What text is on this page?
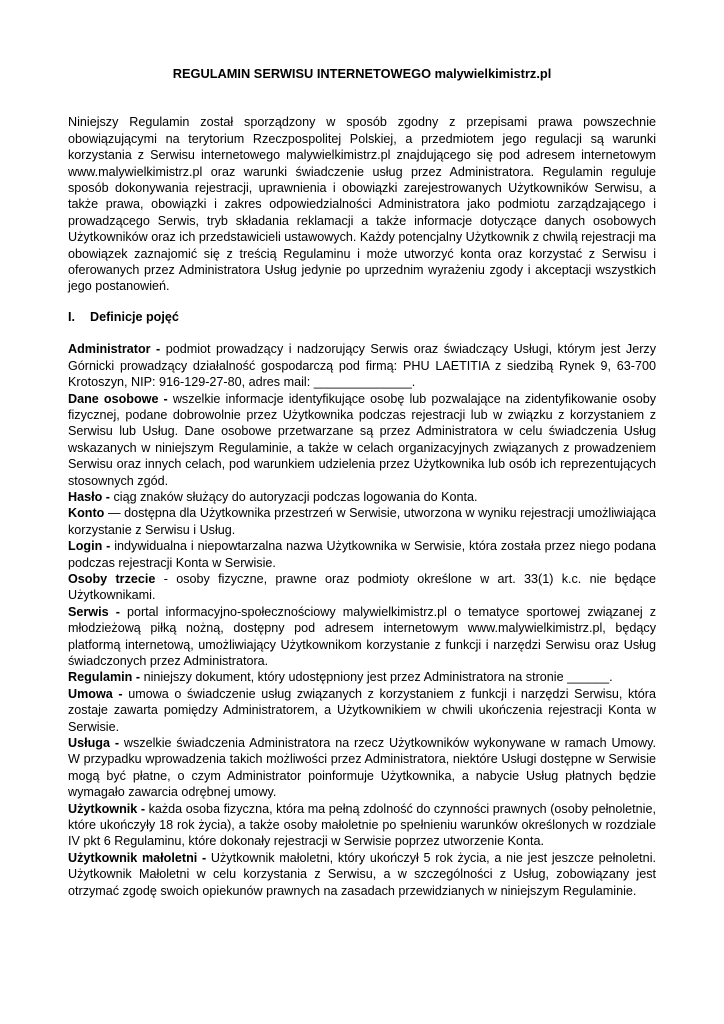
REGULAMIN SERWISU INTERNETOWEGO malywielkimistrz.pl

Niniejszy Regulamin został sporządzony w sposób zgodny z przepisami prawa powszechnie obowiązującymi na terytorium Rzeczpospolitej Polskiej, a przedmiotem jego regulacji są warunki korzystania z Serwisu internetowego malywielkimistrz.pl znajdującego się pod adresem internetowym www.malywielkimistrz.pl oraz warunki świadczenie usług przez Administratora. Regulamin reguluje sposób dokonywania rejestracji, uprawnienia i obowiązki zarejestrowanych Użytkowników Serwisu, a także prawa, obowiązki i zakres odpowiedzialności Administratora jako podmiotu zarządzającego i prowadzącego Serwis, tryb składania reklamacji a także informacje dotyczące danych osobowych Użytkowników oraz ich przedstawicieli ustawowych. Każdy potencjalny Użytkownik z chwilą rejestracji ma obowiązek zaznajomić się z treścią Regulaminu i może utworzyć konta oraz korzystać z Serwisu i oferowanych przez Administratora Usług jedynie po uprzednim wyrażeniu zgody i akceptacji wszystkich jego postanowień.

I. Definicje pojęć

Administrator - podmiot prowadzący i nadzorujący Serwis oraz świadczący Usługi, którym jest Jerzy Górnicki prowadzący działalność gospodarczą pod firmą: PHU LAETITIA z siedzibą Rynek 9, 63-700 Krotoszyn, NIP: 916-129-27-80, adres mail: ______________.

Dane osobowe - wszelkie informacje identyfikujące osobę lub pozwalające na zidentyfikowanie osoby fizycznej, podane dobrowolnie przez Użytkownika podczas rejestracji lub w związku z korzystaniem z Serwisu lub Usług. Dane osobowe przetwarzane są przez Administratora w celu świadczenia Usług wskazanych w niniejszym Regulaminie, a także w celach organizacyjnych związanych z prowadzeniem Serwisu oraz innych celach, pod warunkiem udzielenia przez Użytkownika lub osób ich reprezentujących stosownych zgód.

Hasło - ciąg znaków służący do autoryzacji podczas logowania do Konta.

Konto — dostępna dla Użytkownika przestrzeń w Serwisie, utworzona w wyniku rejestracji umożliwiająca korzystanie z Serwisu i Usług.

Login - indywidualna i niepowtarzalna nazwa Użytkownika w Serwisie, która została przez niego podana podczas rejestracji Konta w Serwisie.

Osoby trzecie - osoby fizyczne, prawne oraz podmioty określone w art. 33(1) k.c. nie będące Użytkownikami.

Serwis - portal informacyjno-społecznościowy malywielkimistrz.pl o tematyce sportowej związanej z młodzieżową piłką nożną, dostępny pod adresem internetowym www.malywielkimistrz.pl, będący platformą internetową, umożliwiający Użytkownikom korzystanie z funkcji i narzędzi Serwisu oraz Usług świadczonych przez Administratora.

Regulamin - niniejszy dokument, który udostępniony jest przez Administratora na stronie ______.

Umowa - umowa o świadczenie usług związanych z korzystaniem z funkcji i narzędzi Serwisu, która zostaje zawarta pomiędzy Administratorem, a Użytkownikiem w chwili ukończenia rejestracji Konta w Serwisie.

Usługa - wszelkie świadczenia Administratora na rzecz Użytkowników wykonywane w ramach Umowy. W przypadku wprowadzenia takich możliwości przez Administratora, niektóre Usługi dostępne w Serwisie mogą być płatne, o czym Administrator poinformuje Użytkownika, a nabycie Usług płatnych będzie wymagało zawarcia odrębnej umowy.

Użytkownik - każda osoba fizyczna, która ma pełną zdolność do czynności prawnych (osoby pełnoletnie, które ukończyły 18 rok życia), a także osoby małoletnie po spełnieniu warunków określonych w rozdziale IV pkt 6 Regulaminu, które dokonały rejestracji w Serwisie poprzez utworzenie Konta.

Użytkownik małoletni - Użytkownik małoletni, który ukończył 5 rok życia, a nie jest jeszcze pełnoletni. Użytkownik Małoletni w celu korzystania z Serwisu, a w szczególności z Usług, zobowiązany jest otrzymać zgodę swoich opiekunów prawnych na zasadach przewidzianych w niniejszym Regulaminie.
